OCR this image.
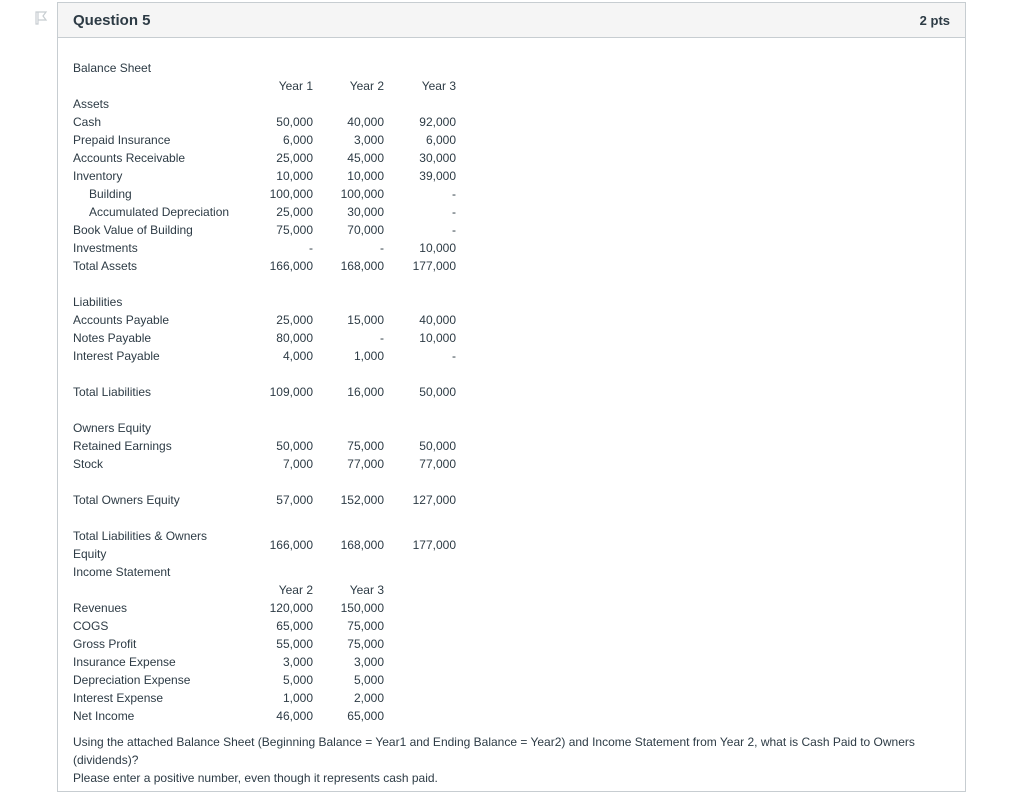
Question 5	2 pts
Balance Sheet
Year 1	Year 2	Year 3
Assets
Cash	50,000	40,000	92,000
Prepaid Insurance	6,000	3,000	6,000
Accounts Receivable	25,000	45,000	30,000
Inventory	10,000	10,000	39,000
Building	100,000	100,000	-
Accumulated Depreciation	25,000	30,000	-
Book Value of Building	75,000	70,000	-
Investments	-	-	10,000
Total Assets	166,000	168,000	177,000
Liabilities
Accounts Payable	25,000	15,000	40,000
Notes Payable	80,000	-	10,000
Interest Payable	4,000	1,000	-
Total Liabilities	109,000	16,000	50,000
Owners Equity
Retained Earnings	50,000	75,000	50,000
Stock	7,000	77,000	77,000
Total Owners Equity	57,000	152,000	127,000
Total Liabilities & Owners
Equity
166,000	168,000	177,000
Income Statement
Year 2	Year 3
Revenues	120,000	150,000
COGS	65,000	75,000
Gross Profit	55,000	75,000
Insurance Expense	3,000	3,000
Depreciation Expense	5,000	5,000
Interest Expense	1,000	2,000
Net Income	46,000	65,000
Using the attached Balance Sheet (Beginning Balance = Year1 and Ending Balance = Year2) and Income Statement from Year 2, what is Cash Paid to Owners (dividends)?
Please enter a positive number, even though it represents cash paid.
